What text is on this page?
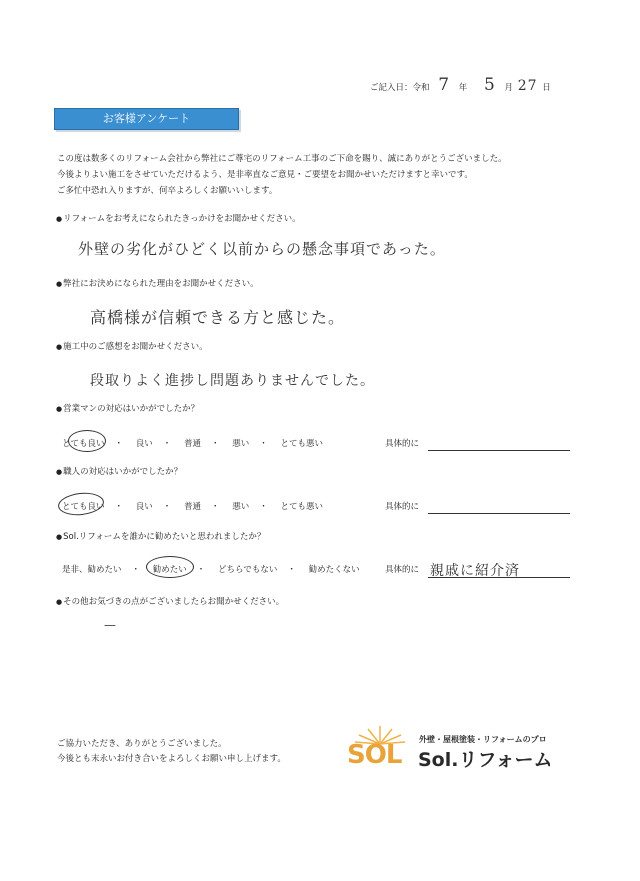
ご記入日：令和 7 年 5 月 27 日
お客様アンケート
この度は数多くのリフォーム会社から弊社にご尊宅のリフォーム工事のご下命を賜り、誠にありがとうございました。
今後よりよい施工をさせていただけるよう、是非率直なご意見・ご要望をお聞かせいただけますと幸いです。
ご多忙中恐れ入りますが、何卒よろしくお願いいします。
● リフォームをお考えになられたきっかけをお聞かせください。
外壁の劣化がひどく以前からの懸念事項であった。
● 弊社にお決めになられた理由をお聞かせください。
高橋様が信頼できる方と感じた。
● 施工中のご感想をお聞かせください。
段取りよく進捗し問題ありませんでした。
● 営業マンの対応はいかがでしたか？
とても良い ・ 良い ・ 普通 ・ 悪い ・ とても悪い	具体的に
● 職人の対応はいかがでしたか？
とても良い ・ 良い ・ 普通 ・ 悪い ・ とても悪い	具体的に
● Sol.リフォームを誰かに勧めたいと思われましたか？
是非、勧めたい ・ 勧めたい ・ どちらでもない ・ 勧めたくない	具体的に 親戚に紹介済
● その他お気づきの点がございましたらお聞かせください。
—
ご協力いただき、ありがとうございました。
今後とも末永いお付き合いをよろしくお願い申し上げます。 SOL
外壁・屋根塗装・リフォームのプロ
Sol.リフォーム
